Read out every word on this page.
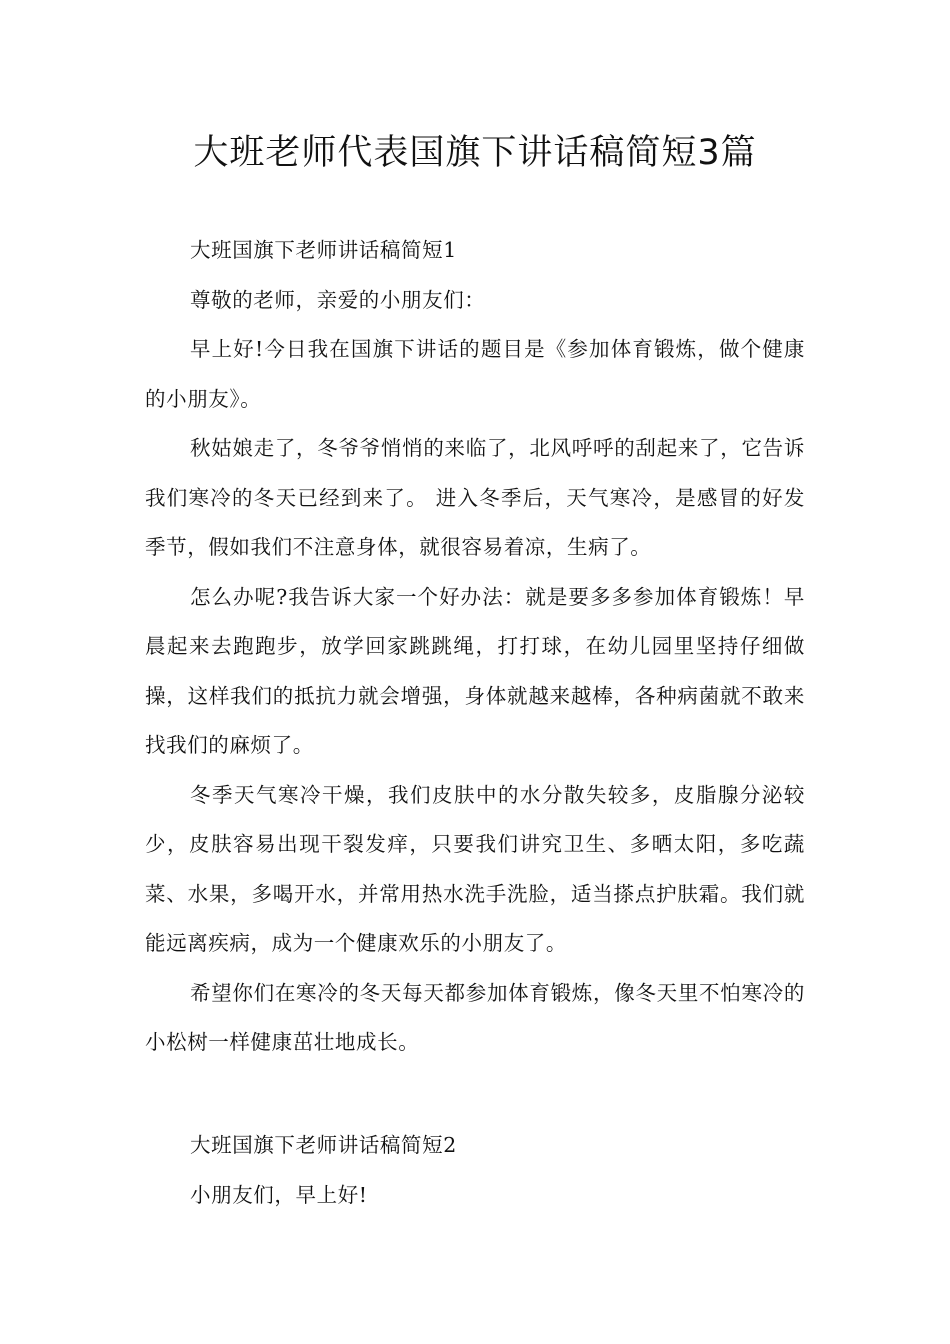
大班老师代表国旗下讲话稿简短3篇

大班国旗下老师讲话稿简短1

尊敬的老师，亲爱的小朋友们：

早上好!今日我在国旗下讲话的题目是《参加体育锻炼，做个健康的小朋友》。

秋姑娘走了，冬爷爷悄悄的来临了，北风呼呼的刮起来了，它告诉我们寒冷的冬天已经到来了。 进入冬季后，天气寒冷，是感冒的好发季节，假如我们不注意身体，就很容易着凉，生病了。

怎么办呢?我告诉大家一个好办法：就是要多多参加体育锻炼！早晨起来去跑跑步，放学回家跳跳绳，打打球，在幼儿园里坚持仔细做操，这样我们的抵抗力就会增强，身体就越来越棒，各种病菌就不敢来找我们的麻烦了。

冬季天气寒冷干燥，我们皮肤中的水分散失较多，皮脂腺分泌较少，皮肤容易出现干裂发痒，只要我们讲究卫生、多晒太阳，多吃蔬菜、水果，多喝开水，并常用热水洗手洗脸，适当搽点护肤霜。我们就能远离疾病，成为一个健康欢乐的小朋友了。

希望你们在寒冷的冬天每天都参加体育锻炼，像冬天里不怕寒冷的小松树一样健康茁壮地成长。

大班国旗下老师讲话稿简短2

小朋友们，早上好!
